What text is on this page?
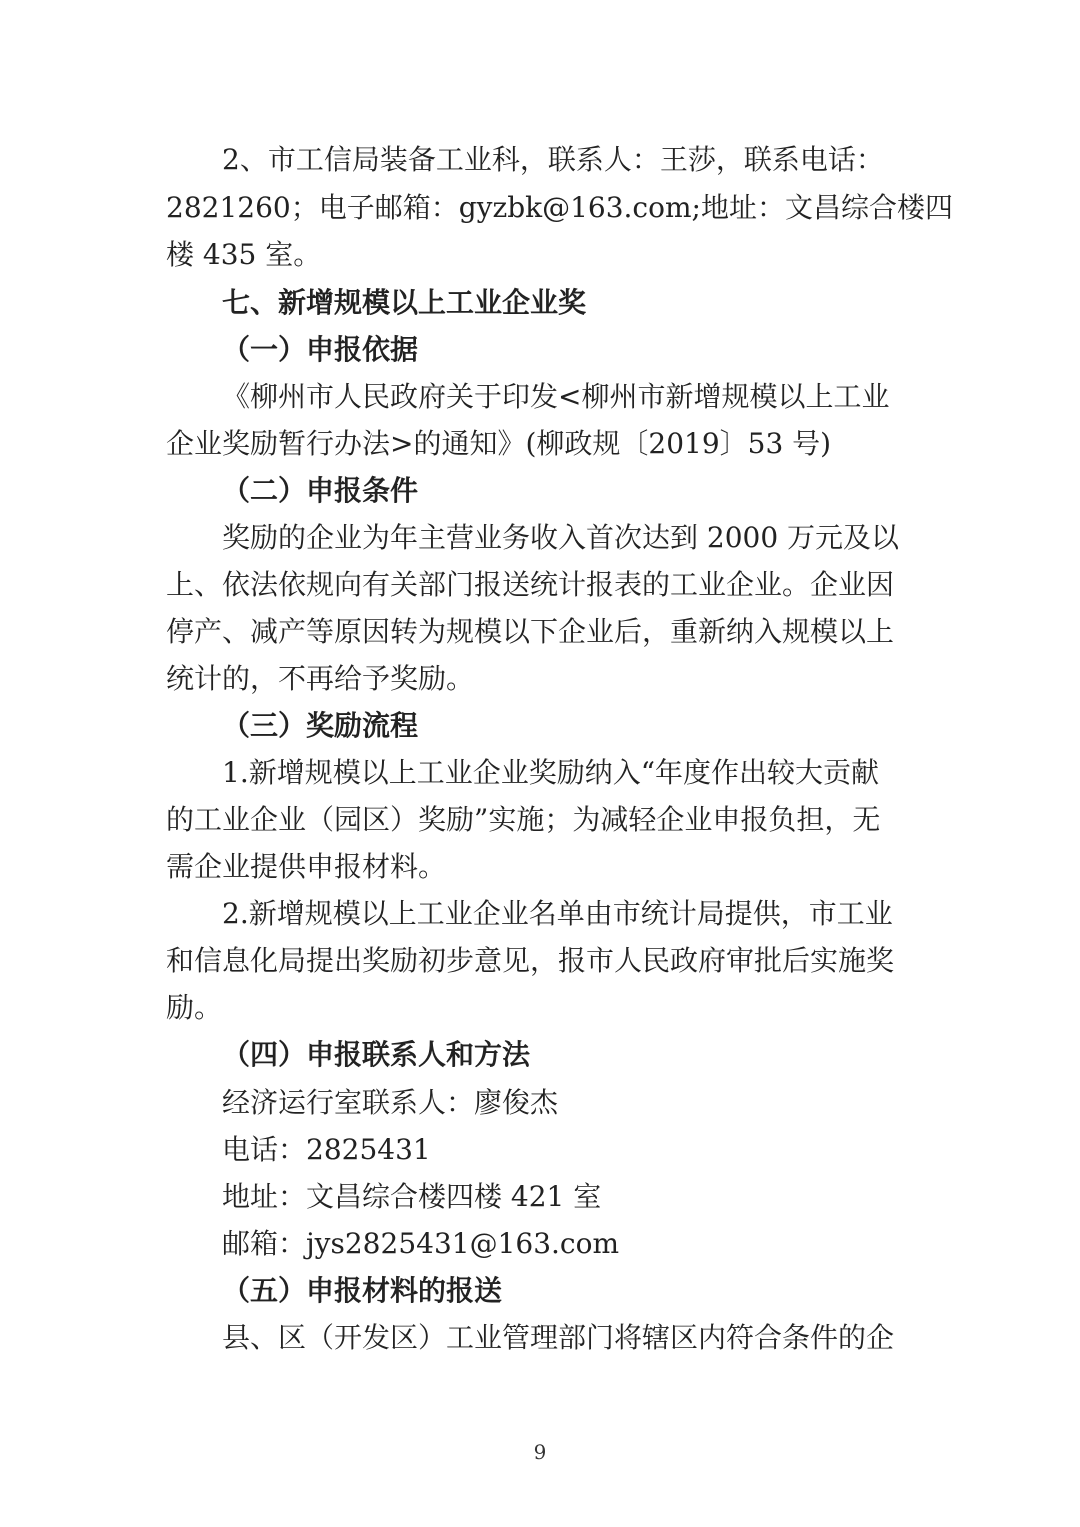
2、市工信局装备工业科，联系人：王莎，联系电话：

2821260；电子邮箱：gyzbk@163.com;地址：文昌综合楼四

楼 435 室。

七、新增规模以上工业企业奖

（一）申报依据

《柳州市人民政府关于印发<柳州市新增规模以上工业

企业奖励暂行办法>的通知》(柳政规〔2019〕53 号)

（二）申报条件

奖励的企业为年主营业务收入首次达到 2000 万元及以

上、依法依规向有关部门报送统计报表的工业企业。企业因

停产、减产等原因转为规模以下企业后，重新纳入规模以上

统计的，不再给予奖励。

（三）奖励流程

1.新增规模以上工业企业奖励纳入“年度作出较大贡献

的工业企业（园区）奖励”实施；为减轻企业申报负担，无

需企业提供申报材料。

2.新增规模以上工业企业名单由市统计局提供，市工业

和信息化局提出奖励初步意见，报市人民政府审批后实施奖

励。

（四）申报联系人和方法

经济运行室联系人：廖俊杰

电话：2825431

地址：文昌综合楼四楼 421 室

邮箱：jys2825431@163.com

（五）申报材料的报送

县、区（开发区）工业管理部门将辖区内符合条件的企

9
